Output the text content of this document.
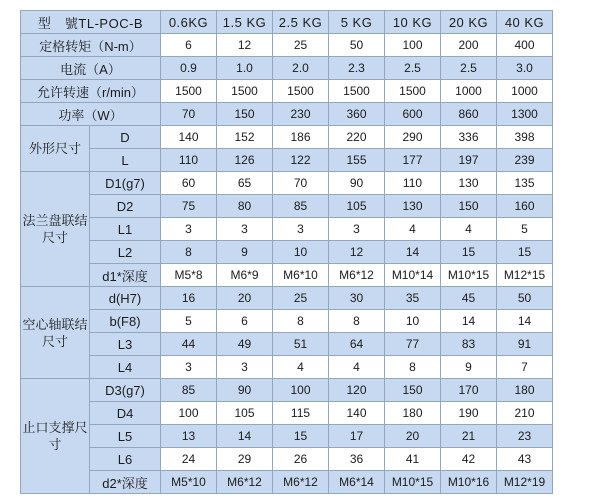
型　號TL-POC-B		0.6KG	1.5 KG	2.5 KG	5 KG	10 KG	20 KG	40 KG
定格转矩（N-m）		6	12	25	50	100	200	400
电流（A）		0.9	1.0	2.0	2.3	2.5	2.5	3.0
允许转速（r/min）		1500	1500	1500	1500	1500	1000	1000
功率（W）		70	150	230	360	600	860	1300
外形尺寸	D	140	152	186	220	290	336	398
	L	110	126	122	155	177	197	239
法兰盘联结尺寸	D1(g7)	60	65	70	90	110	130	135
	D2	75	80	85	105	130	150	160
	L1	3	3	3	3	4	4	5
	L2	8	9	10	12	14	15	15
	d1*深度	M5*8	M6*9	M6*10	M6*12	M10*14	M10*15	M12*15
空心轴联结尺寸	d(H7)	16	20	25	30	35	45	50
	b(F8)	5	6	8	8	10	14	14
	L3	44	49	51	64	77	83	91
	L4	3	3	4	4	8	9	7
止口支撑尺寸	D3(g7)	85	90	100	120	150	170	180
	D4	100	105	115	140	180	190	210
	L5	13	14	15	17	20	21	23
	L6	24	29	26	36	41	42	43
	d2*深度	M5*10	M6*12	M6*12	M6*14	M10*15	M10*16	M12*19
